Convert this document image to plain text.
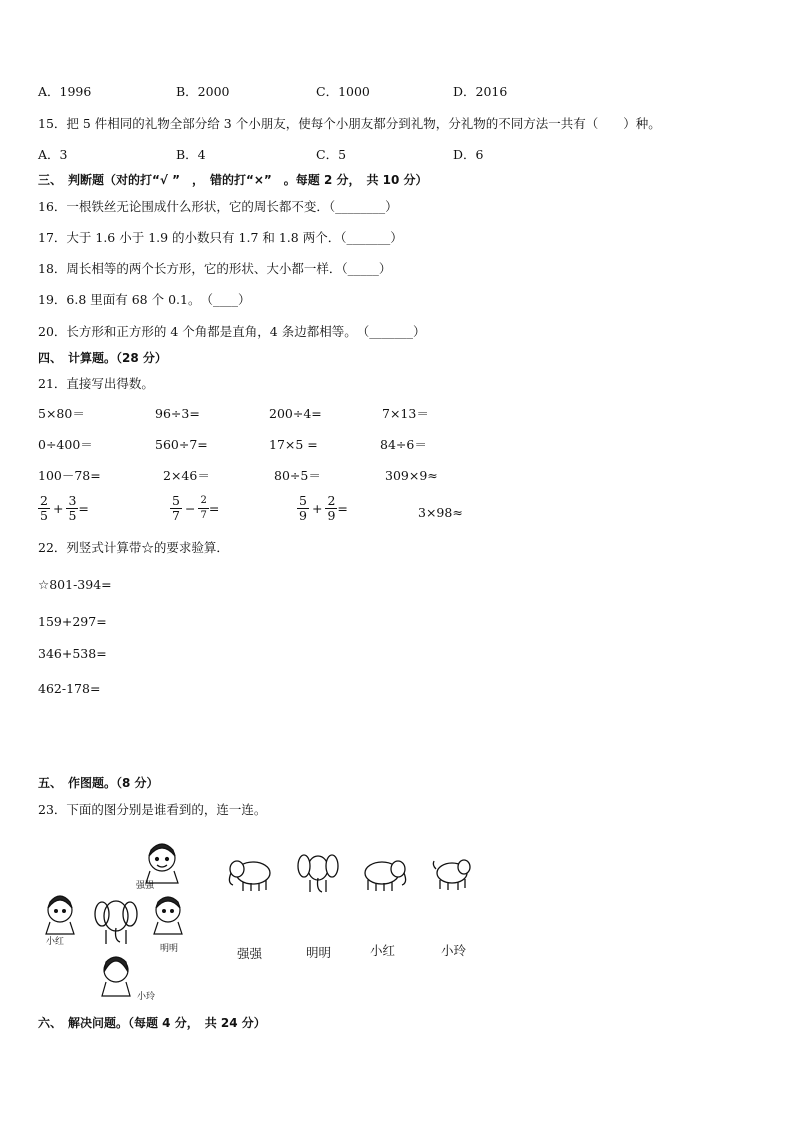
A．1996	B．2000	C．1000	D．2016
15．把 5 件相同的礼物全部分给 3 个小朋友，使每个小朋友都分到礼物，分礼物的不同方法一共有（　　）种。
A．3	B．4	C．5	D．6
三、　判断题（对的打“√ ”　，　错的打“×”　。每题 2 分，　共 10 分）
16．一根铁丝无论围成什么形状，它的周长都不变．（________）
17．大于 1.6 小于 1.9 的小数只有 1.7 和 1.8 两个．（_______）
18．周长相等的两个长方形，它的形状、大小都一样．（_____）
19．6.8 里面有 68 个 0.1。　（____）
20．长方形和正方形的 4 个角都是直角，4 条边都相等。　（_______）
四、　计算题。（28 分）
21．直接写出得数。
5×80＝	96÷3=	200÷4=	7×13＝
0÷400＝	560÷7=	17×5 =	84÷6＝
100－78=	2×46＝	80÷5＝	309×9≈
$\frac{2}{5} + \frac{3}{5}$ =	$\frac{5}{7} - \frac{2}{7}$ =	$\frac{5}{9} + \frac{2}{9}$ =	3×98≈
22．列竖式计算带☆的要求验算．
☆801-394=
159+297=
346+538=
462-178=
五、　作图题。（8 分）
23．下面的图分别是谁看到的，连一连。
强强
小红
明明
小玲
强强	明明	小红	小玲
六、　解决问题。（每题 4 分，　共 24 分）
